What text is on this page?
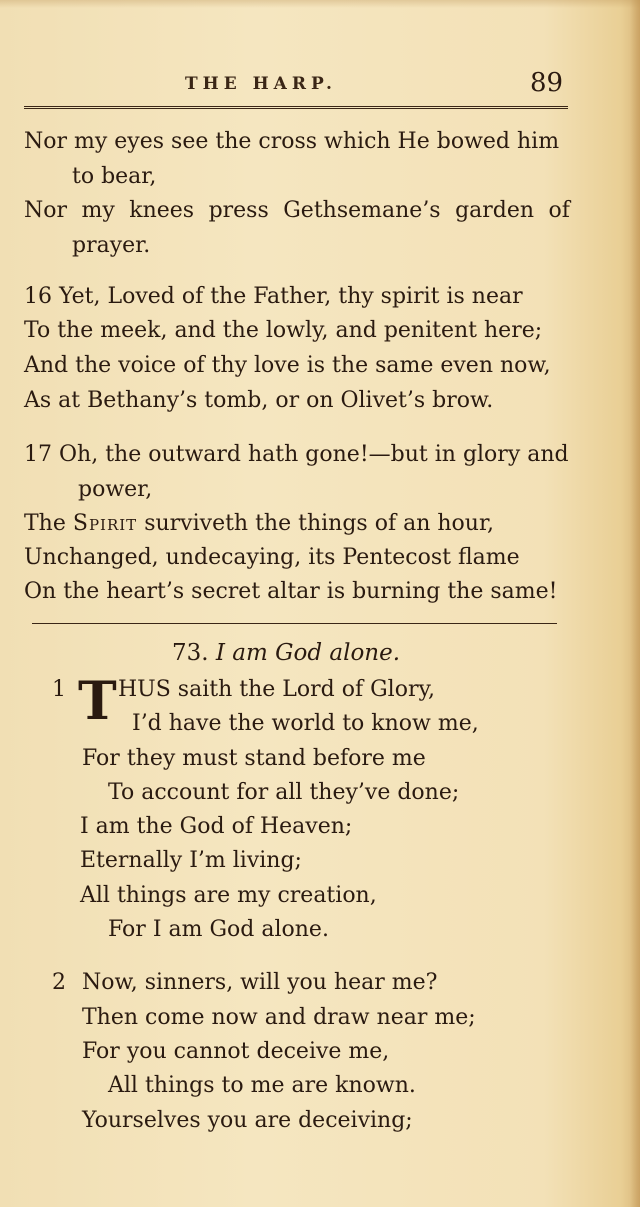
THE HARP.	89
Nor my eyes see the cross which He bowed him
to bear,
Nor my knees press Gethsemane’s garden of
prayer.
16 Yet, Loved of the Father, thy spirit is near
To the meek, and the lowly, and penitent here;
And the voice of thy love is the same even now,
As at Bethany’s tomb, or on Olivet’s brow.
17 Oh, the outward hath gone!—but in glory and
power,
The Spirit surviveth the things of an hour,
Unchanged, undecaying, its Pentecost flame
On the heart’s secret altar is burning the same!
73. I am God alone.
1 T HUS saith the Lord of Glory,
I’d have the world to know me,
For they must stand before me
To account for all they’ve done;
I am the God of Heaven;
Eternally I’m living;
All things are my creation,
For I am God alone.
2 Now, sinners, will you hear me?
Then come now and draw near me;
For you cannot deceive me,
All things to me are known.
Yourselves you are deceiving;
